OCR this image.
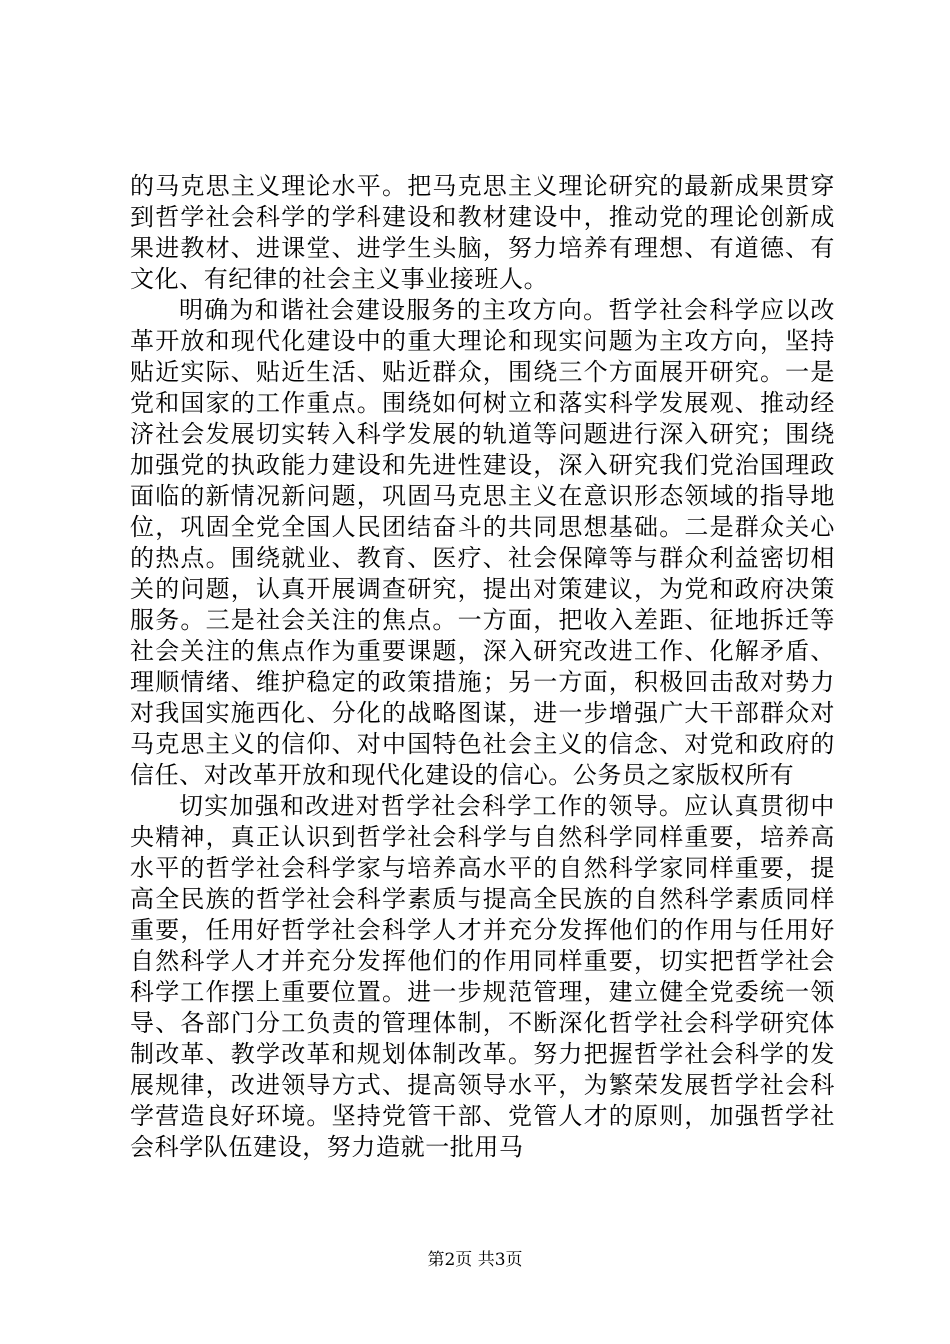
的马克思主义理论水平。把马克思主义理论研究的最新成果贯穿到哲学社会科学的学科建设和教材建设中，推动党的理论创新成果进教材、进课堂、进学生头脑，努力培养有理想、有道德、有文化、有纪律的社会主义事业接班人。

明确为和谐社会建设服务的主攻方向。哲学社会科学应以改革开放和现代化建设中的重大理论和现实问题为主攻方向，坚持贴近实际、贴近生活、贴近群众，围绕三个方面展开研究。一是党和国家的工作重点。围绕如何树立和落实科学发展观、推动经济社会发展切实转入科学发展的轨道等问题进行深入研究；围绕加强党的执政能力建设和先进性建设，深入研究我们党治国理政面临的新情况新问题，巩固马克思主义在意识形态领域的指导地位，巩固全党全国人民团结奋斗的共同思想基础。二是群众关心的热点。围绕就业、教育、医疗、社会保障等与群众利益密切相关的问题，认真开展调查研究，提出对策建议，为党和政府决策服务。三是社会关注的焦点。一方面，把收入差距、征地拆迁等社会关注的焦点作为重要课题，深入研究改进工作、化解矛盾、理顺情绪、维护稳定的政策措施；另一方面，积极回击敌对势力对我国实施西化、分化的战略图谋，进一步增强广大干部群众对马克思主义的信仰、对中国特色社会主义的信念、对党和政府的信任、对改革开放和现代化建设的信心。公务员之家版权所有

切实加强和改进对哲学社会科学工作的领导。应认真贯彻中央精神，真正认识到哲学社会科学与自然科学同样重要，培养高水平的哲学社会科学家与培养高水平的自然科学家同样重要，提高全民族的哲学社会科学素质与提高全民族的自然科学素质同样重要，任用好哲学社会科学人才并充分发挥他们的作用与任用好自然科学人才并充分发挥他们的作用同样重要，切实把哲学社会科学工作摆上重要位置。进一步规范管理，建立健全党委统一领导、各部门分工负责的管理体制，不断深化哲学社会科学研究体制改革、教学改革和规划体制改革。努力把握哲学社会科学的发展规律，改进领导方式、提高领导水平，为繁荣发展哲学社会科学营造良好环境。坚持党管干部、党管人才的原则，加强哲学社会科学队伍建设，努力造就一批用马

第2页 共3页
